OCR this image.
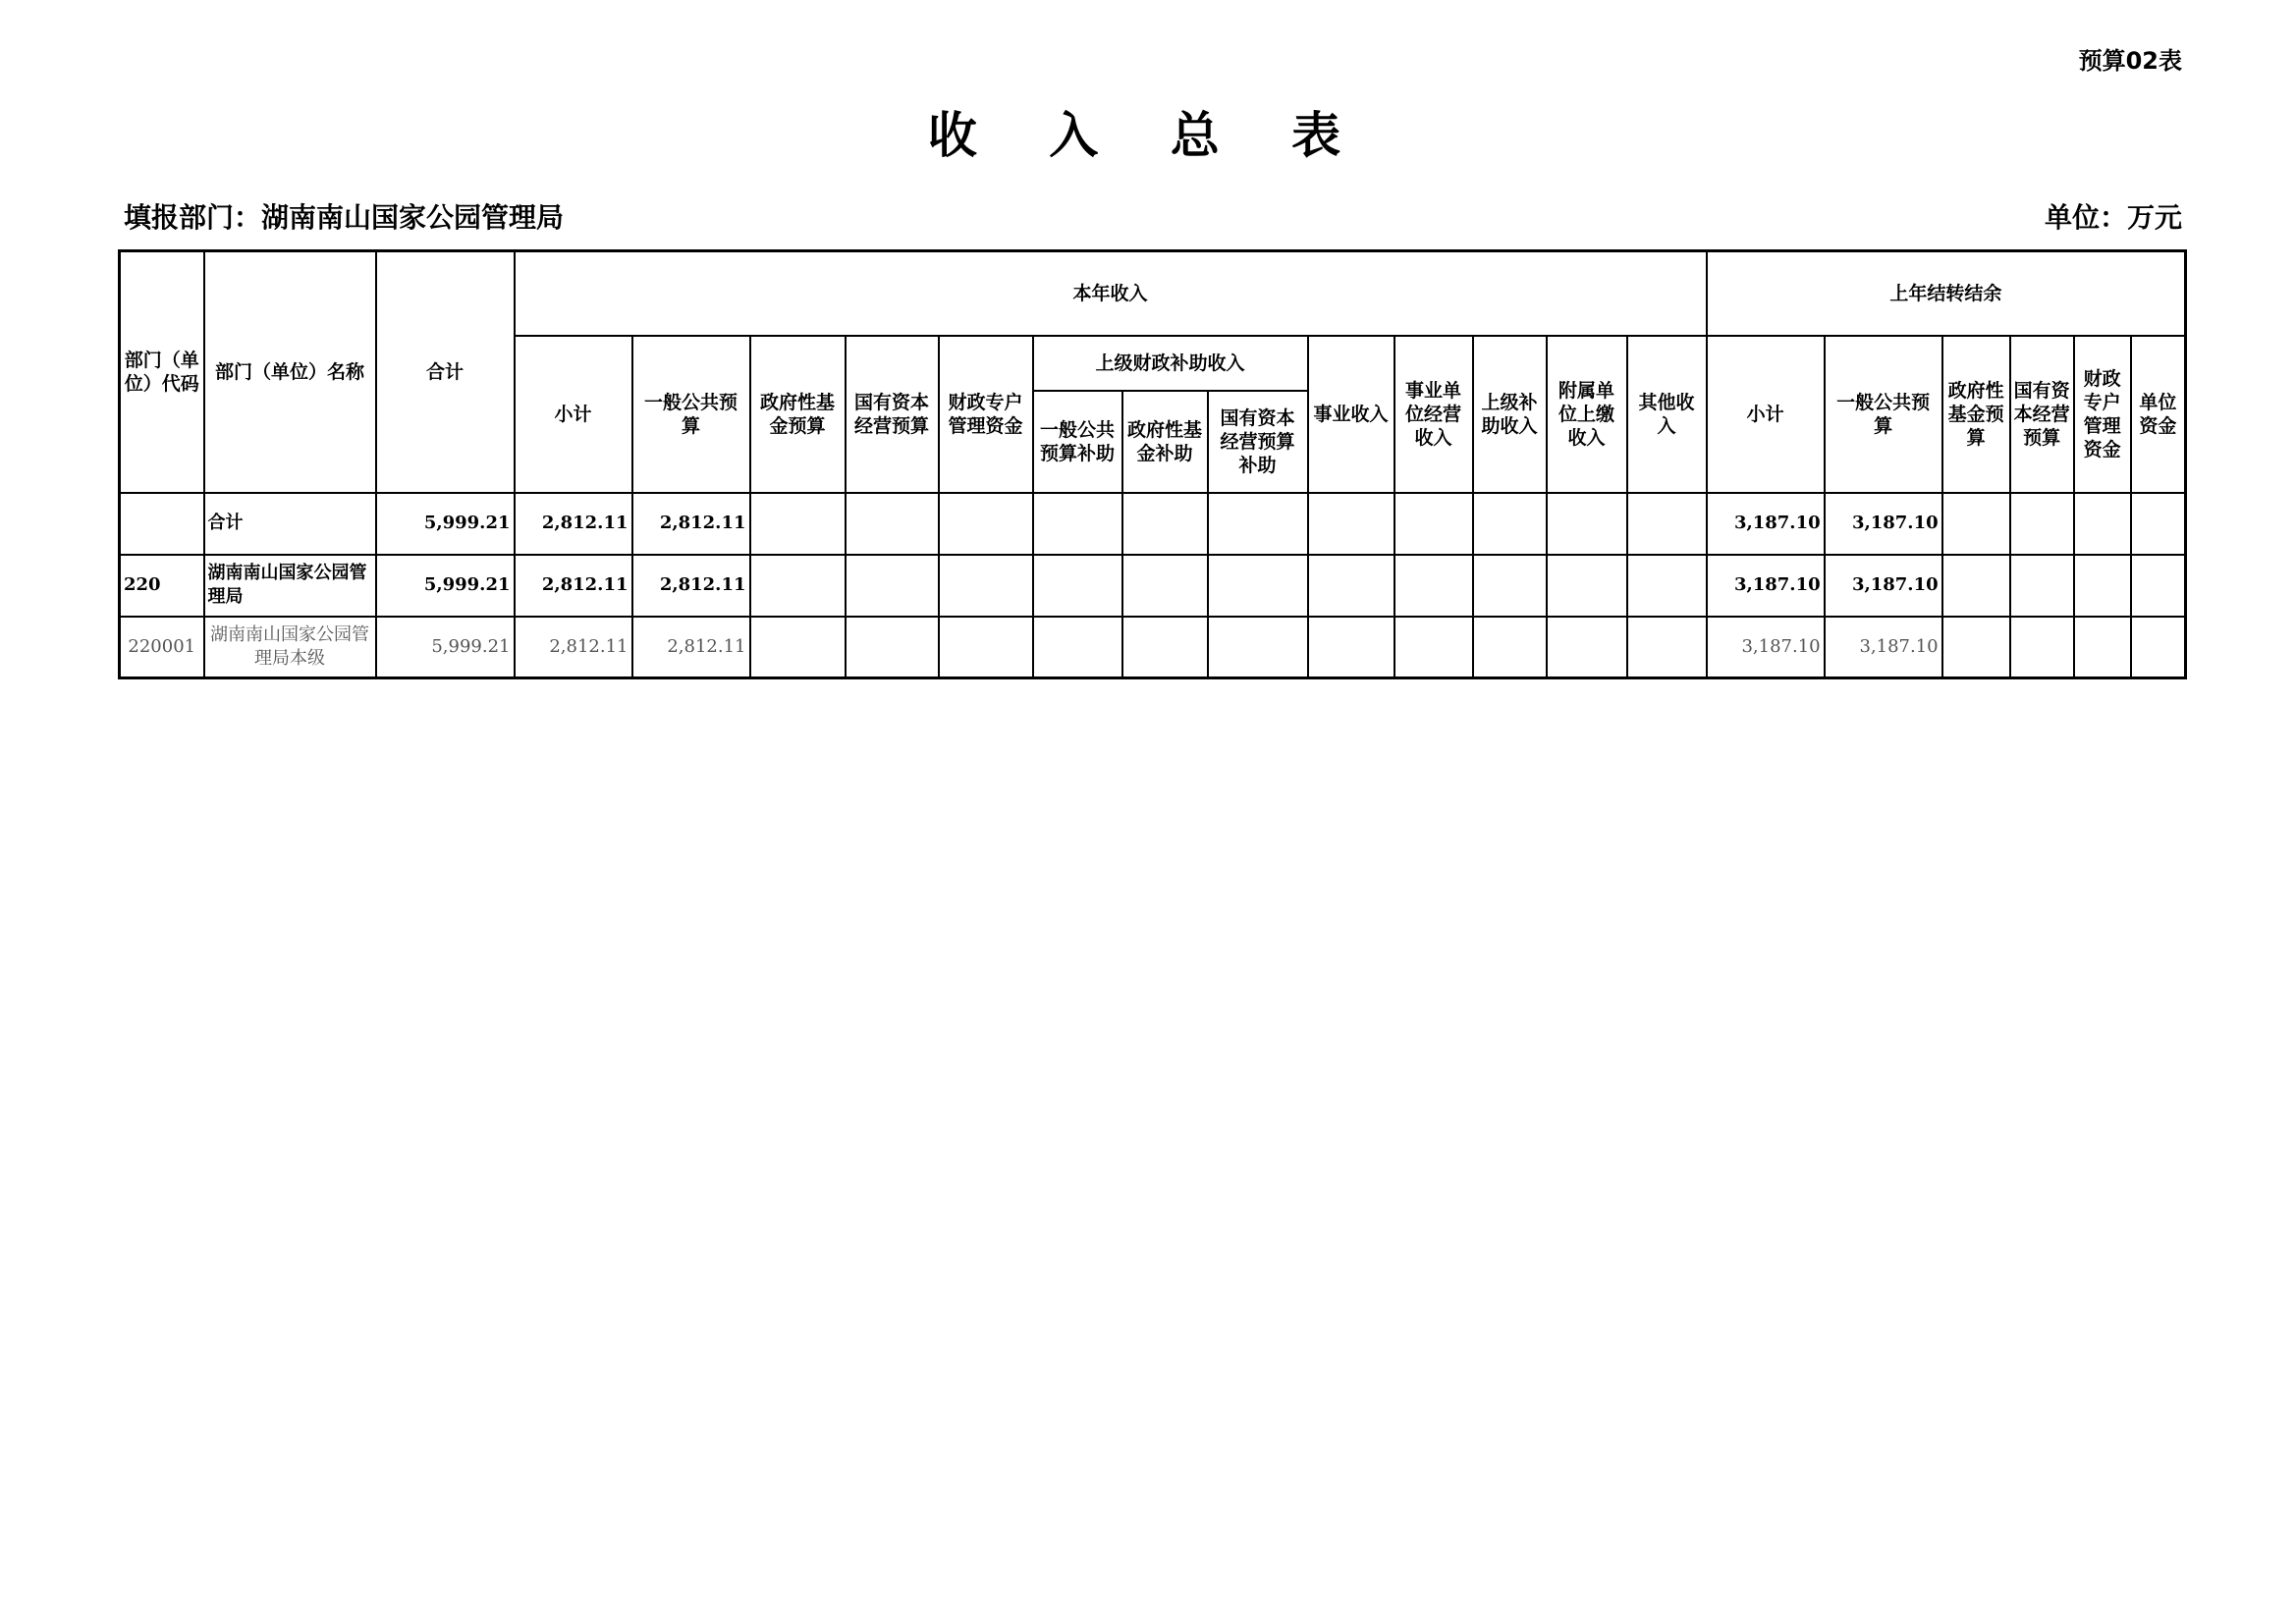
预算02表
收 入 总 表
填报部门：湖南南山国家公园管理局	单位：万元
部门（单位）代码	部门（单位）名称	合计	本年收入													上年结转结余					
			小计	一般公共预算	政府性基金预算	国有资本经营预算	财政专户管理资金	上级财政补助收入			事业收入	事业单位经营收入	上级补助收入	附属单位上缴收入	其他收入	小计	一般公共预算	政府性基金预算	国有资本经营预算	财政专户管理资金	单位资金
								一般公共预算补助	政府性基金补助	国有资本经营预算补助											
	合计	5,999.21	2,812.11	2,812.11												3,187.10	3,187.10				
220	湖南南山国家公园管理局	5,999.21	2,812.11	2,812.11												3,187.10	3,187.10				
220001	湖南南山国家公园管理局本级	5,999.21	2,812.11	2,812.11												3,187.10	3,187.10				
